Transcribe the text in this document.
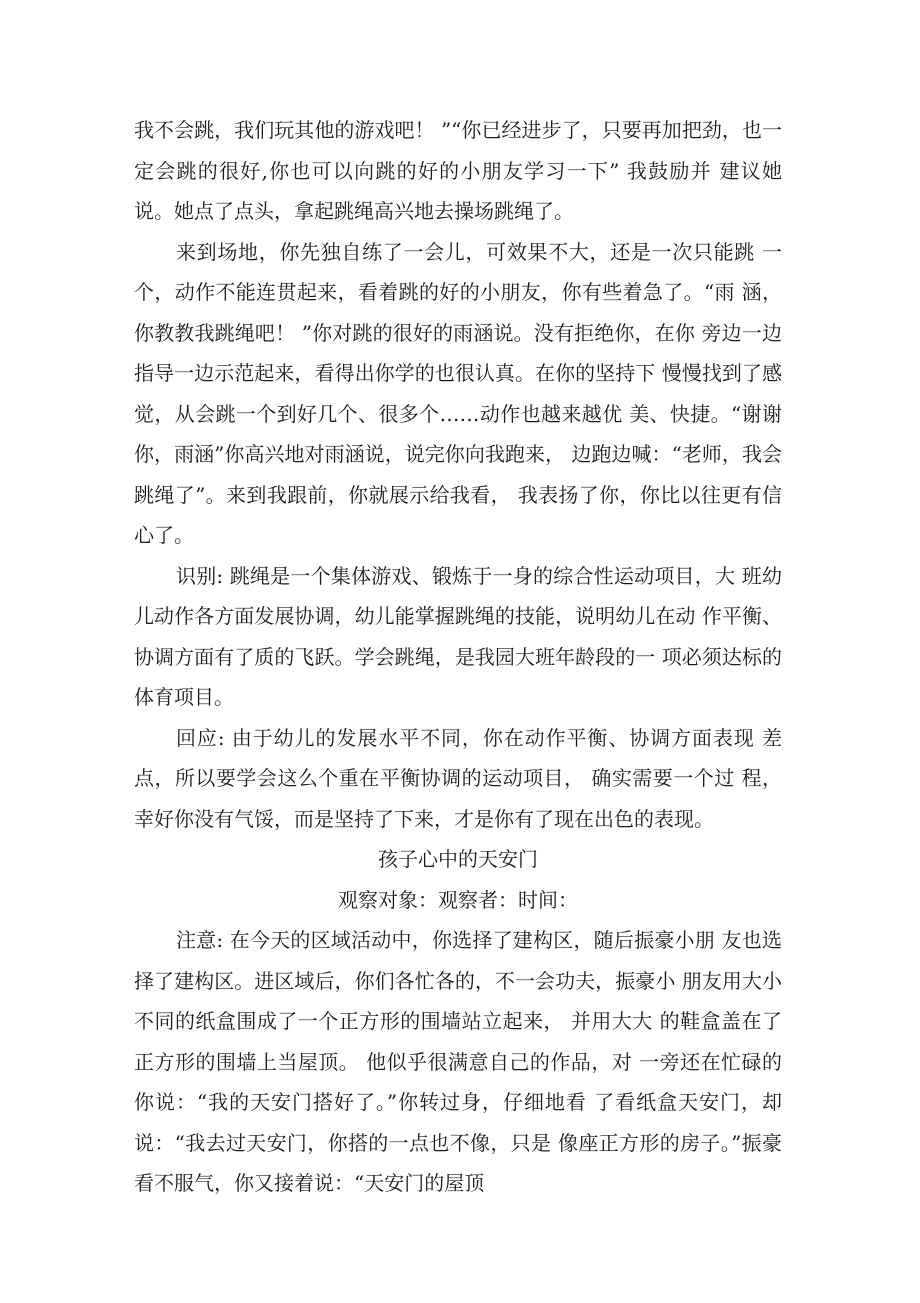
我不会跳，我们玩其他的游戏吧！ ”“你已经进步了，只要再加把劲，也一定会跳的很好,你也可以向跳的好的小朋友学习一下” 我鼓励并 建议她说。她点了点头，拿起跳绳高兴地去操场跳绳了。

来到场地，你先独自练了一会儿，可效果不大，还是一次只能跳 一个，动作不能连贯起来，看着跳的好的小朋友，你有些着急了。“雨 涵，你教教我跳绳吧！ ”你对跳的很好的雨涵说。没有拒绝你，在你 旁边一边指导一边示范起来，看得出你学的也很认真。在你的坚持下 慢慢找到了感觉，从会跳一个到好几个、很多个……动作也越来越优 美、快捷。“谢谢你，雨涵”你高兴地对雨涵说，说完你向我跑来， 边跑边喊：“老师，我会跳绳了”。来到我跟前，你就展示给我看， 我表扬了你，你比以往更有信心了。

识别: 跳绳是一个集体游戏、锻炼于一身的综合性运动项目，大 班幼儿动作各方面发展协调，幼儿能掌握跳绳的技能，说明幼儿在动 作平衡、协调方面有了质的飞跃。学会跳绳，是我园大班年龄段的一 项必须达标的体育项目。

回应: 由于幼儿的发展水平不同，你在动作平衡、协调方面表现 差点，所以要学会这么个重在平衡协调的运动项目， 确实需要一个过 程，幸好你没有气馁，而是坚持了下来，才是你有了现在出色的表现。

孩子心中的天安门

观察对象：观察者：时间：

注意: 在今天的区域活动中，你选择了建构区，随后振豪小朋 友也选择了建构区。进区域后，你们各忙各的，不一会功夫，振豪小 朋友用大小不同的纸盒围成了一个正方形的围墙站立起来， 并用大大 的鞋盒盖在了正方形的围墙上当屋顶。 他似乎很满意自己的作品，对 一旁还在忙碌的你说：“我的天安门搭好了。”你转过身，仔细地看 了看纸盒天安门，却说：“我去过天安门，你搭的一点也不像，只是 像座正方形的房子。”振豪看不服气，你又接着说：“天安门的屋顶
